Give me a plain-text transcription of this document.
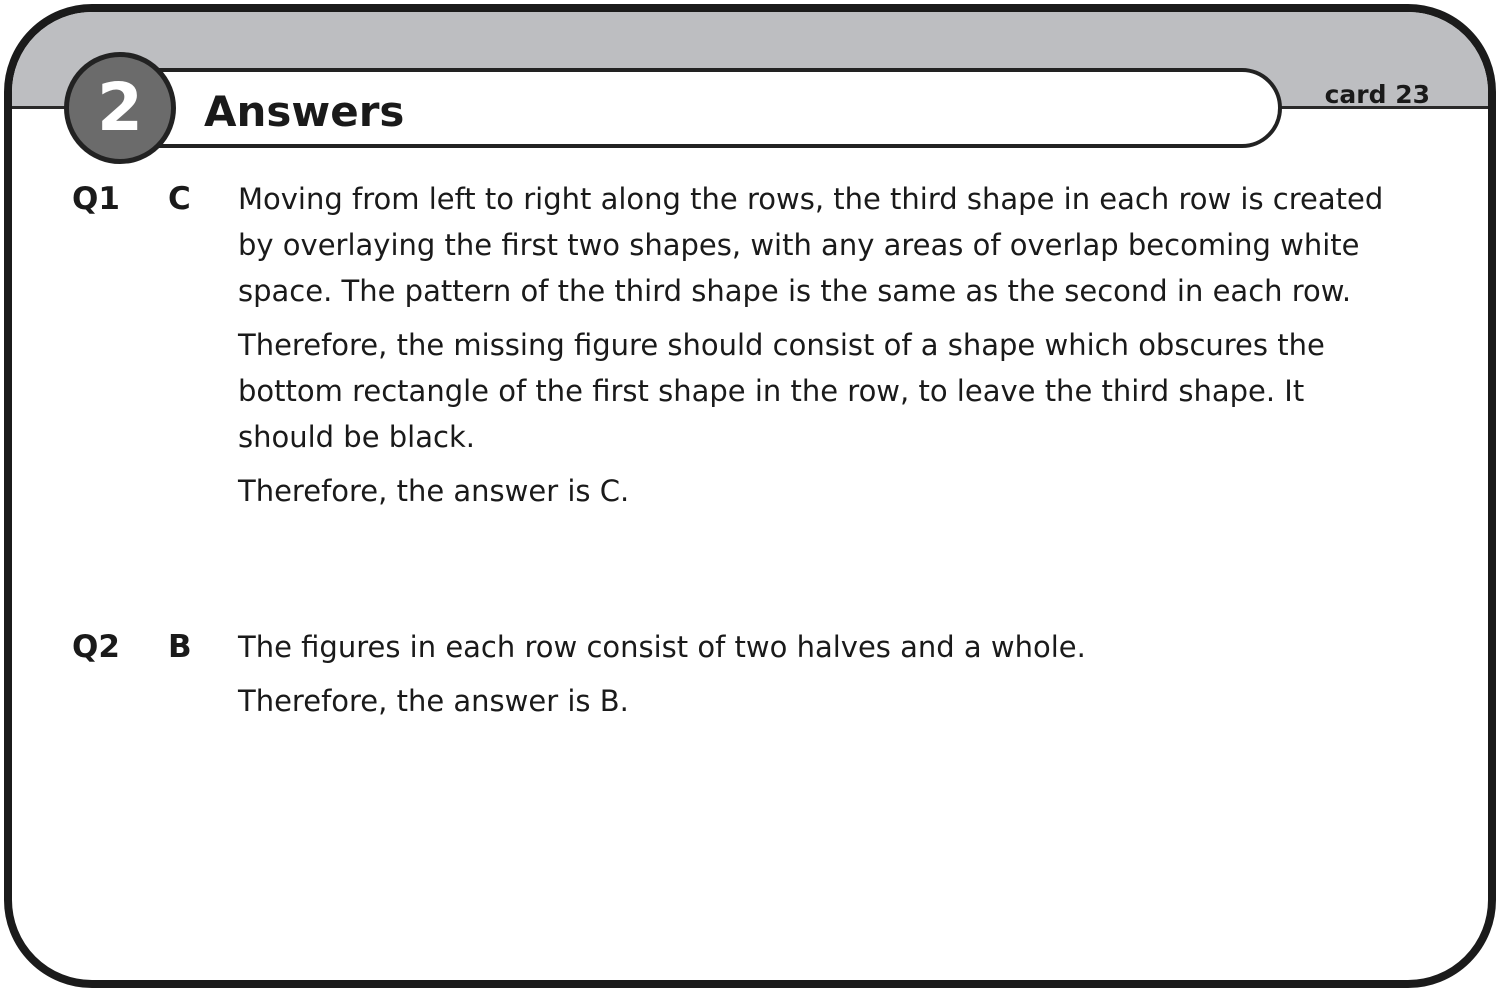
2	Answers	card 23
Q1 C Moving from left to right along the rows, the third shape in each row is created by overlaying the first two shapes, with any areas of overlap becoming white space. The pattern of the third shape is the same as the second in each row.

Therefore, the missing figure should consist of a shape which obscures the bottom rectangle of the first shape in the row, to leave the third shape. It should be black.

Therefore, the answer is C.

Q2 B The figures in each row consist of two halves and a whole.

Therefore, the answer is B.
